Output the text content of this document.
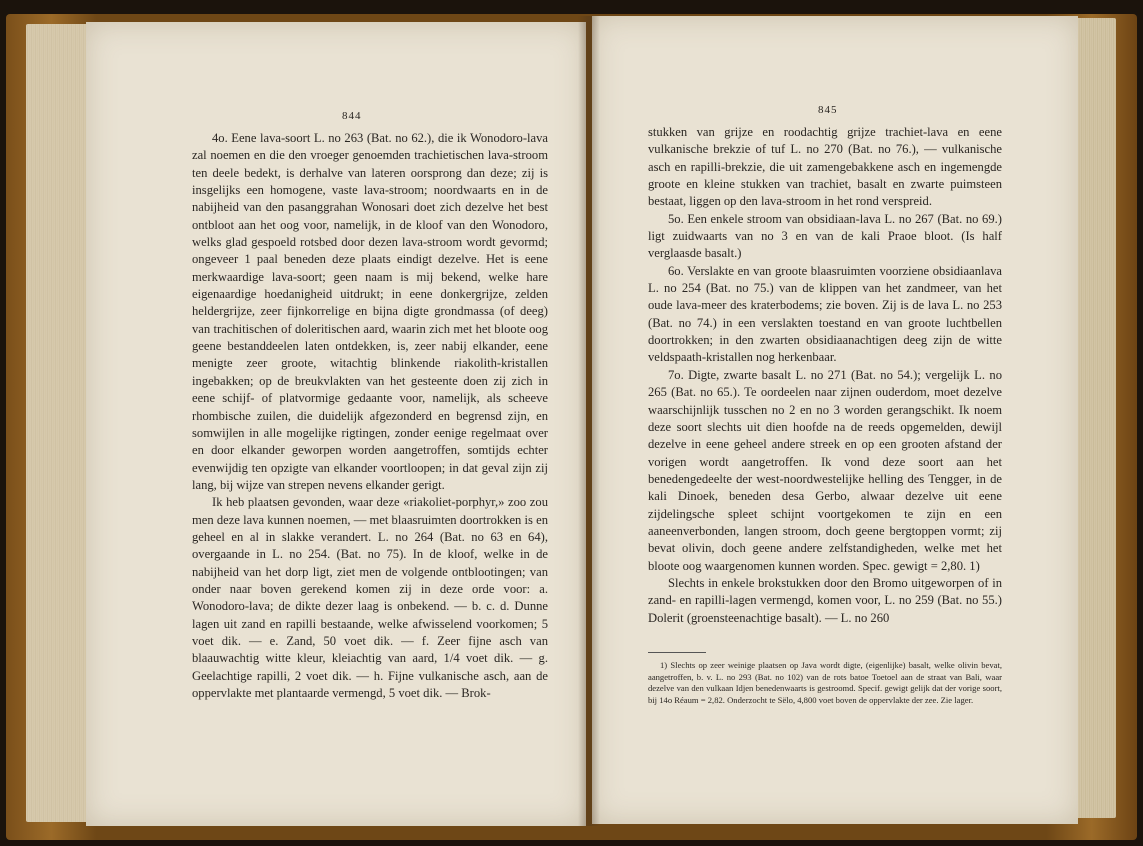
844

4o. Eene lava-soort L. no 263 (Bat. no 62.), die ik Wonodoro-lava zal noemen en die den vroeger genoemden trachietischen lava-stroom ten deele bedekt, is derhalve van lateren oorsprong dan deze; zij is insgelijks een homogene, vaste lava-stroom; noordwaarts en in de nabijheid van den pasanggrahan Wonosari doet zich dezelve het best ontbloot aan het oog voor, namelijk, in de kloof van den Wonodoro, welks glad gespoeld rotsbed door dezen lava-stroom wordt gevormd; ongeveer 1 paal beneden deze plaats eindigt dezelve. Het is eene merkwaardige lava-soort; geen naam is mij bekend, welke hare eigenaardige hoedanigheid uitdrukt; in eene donkergrijze, zelden heldergrijze, zeer fijnkorrelige en bijna digte grondmassa (of deeg) van trachitischen of doleritischen aard, waarin zich met het bloote oog geene bestanddeelen laten ontdekken, is, zeer nabij elkander, eene menigte zeer groote, witachtig blinkende riakolith-kristallen ingebakken; op de breukvlakten van het gesteente doen zij zich in eene schijf- of platvormige gedaante voor, namelijk, als scheeve rhombische zuilen, die duidelijk afgezonderd en begrensd zijn, en somwijlen in alle mogelijke rigtingen, zonder eenige regelmaat over en door elkander geworpen worden aangetroffen, somtijds echter evenwijdig ten opzigte van elkander voortloopen; in dat geval zijn zij lang, bij wijze van strepen nevens elkander gerigt.

Ik heb plaatsen gevonden, waar deze «riakoliet-porphyr,» zoo zou men deze lava kunnen noemen, — met blaasruimten doortrokken is en geheel en al in slakke verandert. L. no 264 (Bat. no 63 en 64), overgaande in L. no 254. (Bat. no 75). In de kloof, welke in de nabijheid van het dorp ligt, ziet men de volgende ontblootingen; van onder naar boven gerekend komen zij in deze orde voor: a. Wonodoro-lava; de dikte dezer laag is onbekend. — b. c. d. Dunne lagen uit zand en rapilli bestaande, welke afwisselend voorkomen; 5 voet dik. — e. Zand, 50 voet dik. — f. Zeer fijne asch van blaauwachtig witte kleur, kleiachtig van aard, 1/4 voet dik. — g. Geelachtige rapilli, 2 voet dik. — h. Fijne vulkanische asch, aan de oppervlakte met plantaarde vermengd, 5 voet dik. — Brok-

845

stukken van grijze en roodachtig grijze trachiet-lava en eene vulkanische brekzie of tuf L. no 270 (Bat. no 76.), — vulkanische asch en rapilli-brekzie, die uit zamengebakkene asch en ingemengde groote en kleine stukken van trachiet, basalt en zwarte puimsteen bestaat, liggen op den lava-stroom in het rond verspreid.

5o. Een enkele stroom van obsidiaan-lava L. no 267 (Bat. no 69.) ligt zuidwaarts van no 3 en van de kali Praoe bloot. (Is half verglaasde basalt.)

6o. Verslakte en van groote blaasruimten voorziene obsidiaanlava L. no 254 (Bat. no 75.) van de klippen van het zandmeer, van het oude lava-meer des kraterbodems; zie boven. Zij is de lava L. no 253 (Bat. no 74.) in een verslakten toestand en van groote luchtbellen doortrokken; in den zwarten obsidiaanachtigen deeg zijn de witte veldspaath-kristallen nog herkenbaar.

7o. Digte, zwarte basalt L. no 271 (Bat. no 54.); vergelijk L. no 265 (Bat. no 65.). Te oordeelen naar zijnen ouderdom, moet dezelve waarschijnlijk tusschen no 2 en no 3 worden gerangschikt. Ik noem deze soort slechts uit dien hoofde na de reeds opgemelden, dewijl dezelve in eene geheel andere streek en op een grooten afstand der vorigen wordt aangetroffen. Ik vond deze soort aan het benedengedeelte der west-noordwestelijke helling des Tengger, in de kali Dinoek, beneden desa Gerbo, alwaar dezelve uit eene zijdelingsche spleet schijnt voortgekomen te zijn en een aaneenverbonden, langen stroom, doch geene bergtoppen vormt; zij bevat olivin, doch geene andere zelfstandigheden, welke met het bloote oog waargenomen kunnen worden. Spec. gewigt = 2,80. 1)

Slechts in enkele brokstukken door den Bromo uitgeworpen of in zand- en rapilli-lagen vermengd, komen voor, L. no 259 (Bat. no 55.) Dolerit (groensteenachtige basalt). — L. no 260

1) Slechts op zeer weinige plaatsen op Java wordt digte, (eigenlijke) basalt, welke olivin bevat, aangetroffen, b. v. L. no 293 (Bat. no 102) van de rots batoe Toetoel aan de straat van Bali, waar dezelve van den vulkaan Idjen benedenwaarts is gestroomd. Specif. gewigt gelijk dat der vorige soort, bij 14o Réaum = 2,82. Onderzocht te Sëlo, 4,800 voet boven de oppervlakte der zee. Zie lager.
